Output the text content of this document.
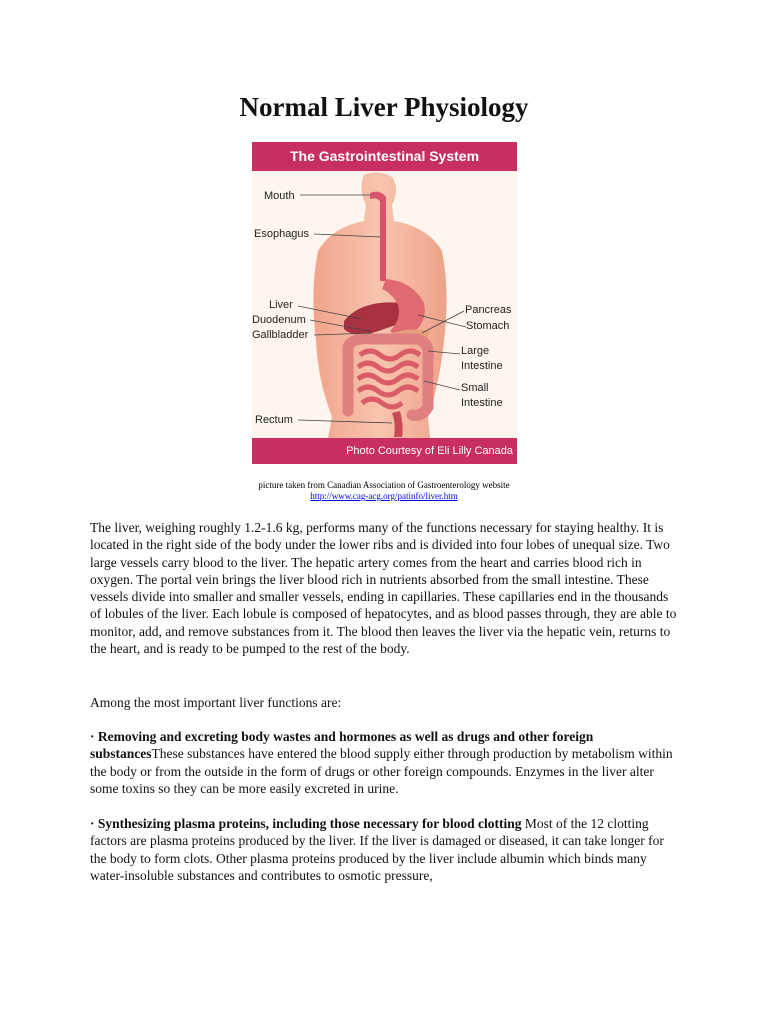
Normal Liver Physiology
The Gastrointestinal System
Mouth
Esophagus
Liver
Duodenum
Gallbladder
Rectum
Pancreas
Stomach
Large
Intestine
Small
Intestine
Photo Courtesy of Eli Lilly Canada
picture taken from Canadian Association of Gastroenterology website
http://www.cag-acg.org/patinfo/liver.htm

The liver, weighing roughly 1.2-1.6 kg, performs many of the functions necessary for staying healthy. It is located in the right side of the body under the lower ribs and is divided into four lobes of unequal size. Two large vessels carry blood to the liver. The hepatic artery comes from the heart and carries blood rich in oxygen. The portal vein brings the liver blood rich in nutrients absorbed from the small intestine. These vessels divide into smaller and smaller vessels, ending in capillaries. These capillaries end in the thousands of lobules of the liver. Each lobule is composed of hepatocytes, and as blood passes through, they are able to monitor, add, and remove substances from it. The blood then leaves the liver via the hepatic vein, returns to the heart, and is ready to be pumped to the rest of the body.

Among the most important liver functions are:

· Removing and excreting body wastes and hormones as well as drugs and other foreign substancesThese substances have entered the blood supply either through production by metabolism within the body or from the outside in the form of drugs or other foreign compounds. Enzymes in the liver alter some toxins so they can be more easily excreted in urine.

· Synthesizing plasma proteins, including those necessary for blood clotting Most of the 12 clotting factors are plasma proteins produced by the liver. If the liver is damaged or diseased, it can take longer for the body to form clots. Other plasma proteins produced by the liver include albumin which binds many water-insoluble substances and contributes to osmotic pressure,
